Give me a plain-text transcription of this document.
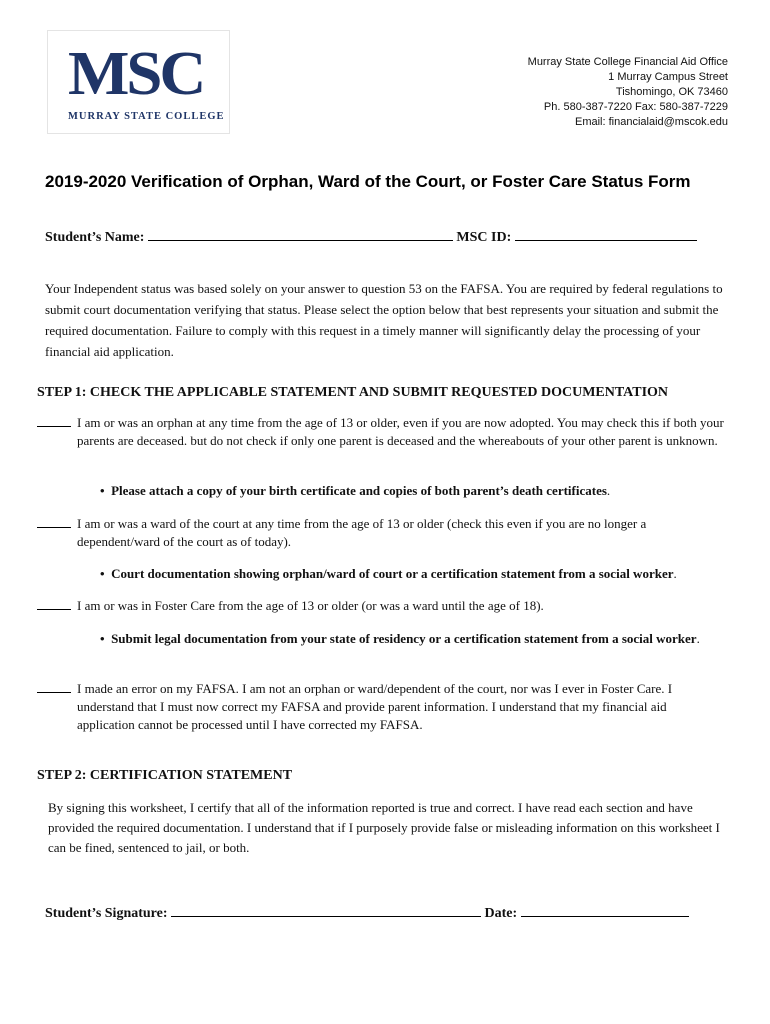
MSC
MURRAY STATE COLLEGE
Murray State College Financial Aid Office
1 Murray Campus Street
Tishomingo, OK 73460
Ph. 580-387-7220 Fax: 580-387-7229
Email: financialaid@mscok.edu
2019-2020 Verification of Orphan, Ward of the Court, or Foster Care Status Form
Student’s Name:	MSC ID:
Your Independent status was based solely on your answer to question 53 on the FAFSA. You are required by federal regulations to submit court documentation verifying that status. Please select the option below that best represents your situation and submit the required documentation. Failure to comply with this request in a timely manner will significantly delay the processing of your financial aid application.
STEP 1: CHECK THE APPLICABLE STATEMENT AND SUBMIT REQUESTED DOCUMENTATION
I am or was an orphan at any time from the age of 13 or older, even if you are now adopted. You may check this if both your parents are deceased. but do not check if only one parent is deceased and the whereabouts of your other parent is unknown.
• Please attach a copy of your birth certificate and copies of both parent’s death certificates.
I am or was a ward of the court at any time from the age of 13 or older (check this even if you are no longer a dependent/ward of the court as of today).
• Court documentation showing orphan/ward of court or a certification statement from a social worker.
I am or was in Foster Care from the age of 13 or older (or was a ward until the age of 18).
• Submit legal documentation from your state of residency or a certification statement from a social worker.
I made an error on my FAFSA. I am not an orphan or ward/dependent of the court, nor was I ever in Foster Care. I understand that I must now correct my FAFSA and provide parent information. I understand that my financial aid application cannot be processed until I have corrected my FAFSA.
STEP 2: CERTIFICATION STATEMENT
By signing this worksheet, I certify that all of the information reported is true and correct. I have read each section and have provided the required documentation. I understand that if I purposely provide false or misleading information on this worksheet I can be fined, sentenced to jail, or both.
Student’s Signature:	Date:
